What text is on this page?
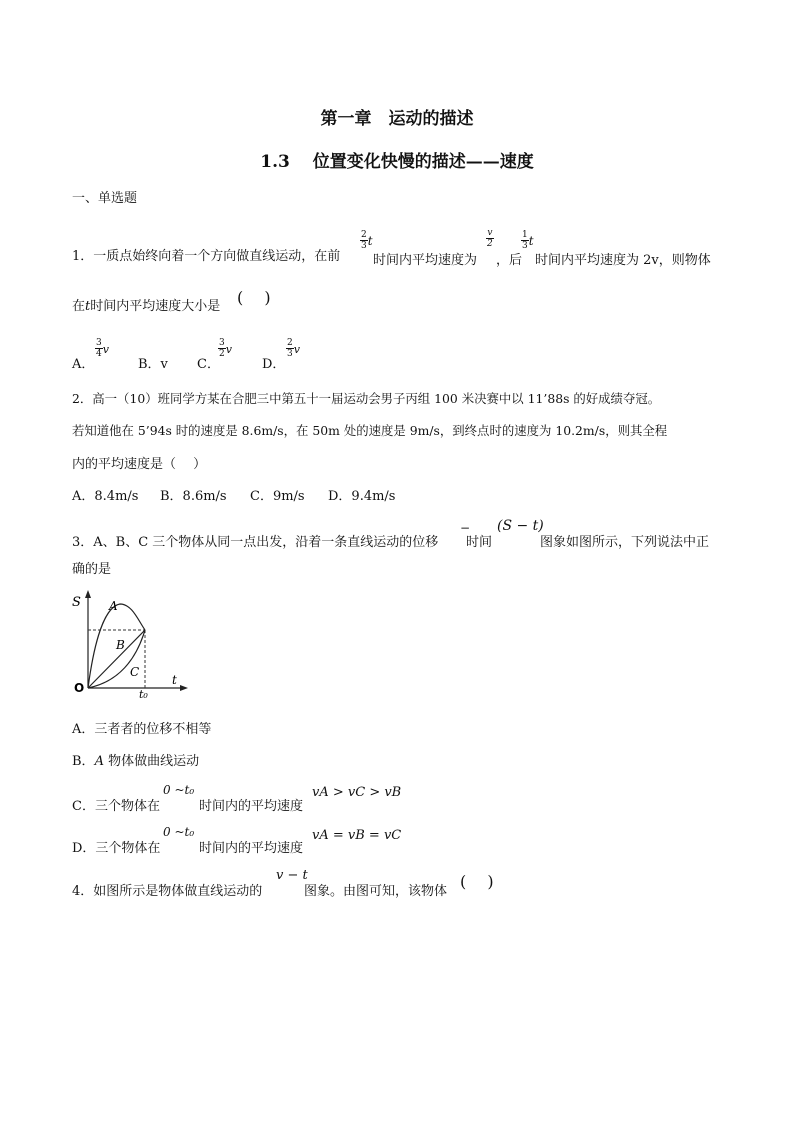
第一章　运动的描述
1.3　 位置变化快慢的描述——速度
一、单选题
1．一质点始终向着一个方向做直线运动，在前
$\frac{2}{3}$ t
时间内平均速度为
$\frac{v}{2}$
，后
$\frac{1}{3}$ t
时间内平均速度为 2v，则物体
在t时间内平均速度大小是 (　 )
A．
$\frac{3}{4}$ v
B．v C．
$\frac{3}{2}$ v
D．
$\frac{2}{3}$ v
2．高一（10）班同学方某在合肥三中第五十一届运动会男子丙组 100 米决赛中以 11’88s 的好成绩夺冠。
若知道他在 5’94s 时的速度是 8.6m/s，在 50m 处的速度是 9m/s，到终点时的速度为 10.2m/s，则其全程
内的平均速度是（　 ）
A．8.4m/s B．8.6m/s C．9m/s D．9.4m/s
3．A、B、C 三个物体从同一点出发，沿着一条直线运动的位移
−
时间
(S − t)
图象如图所示，下列说法中正
确的是
S
t
O	t₀
A
B
C
A．三者者的位移不相等
B．A 物体做曲线运动
C．三个物体在
0 ~t₀
时间内的平均速度
vA > vC > vB
D．三个物体在
0 ~t₀
时间内的平均速度
vA = vB = vC
4．如图所示是物体做直线运动的
v − t
图象。由图可知，该物体
(　 )
